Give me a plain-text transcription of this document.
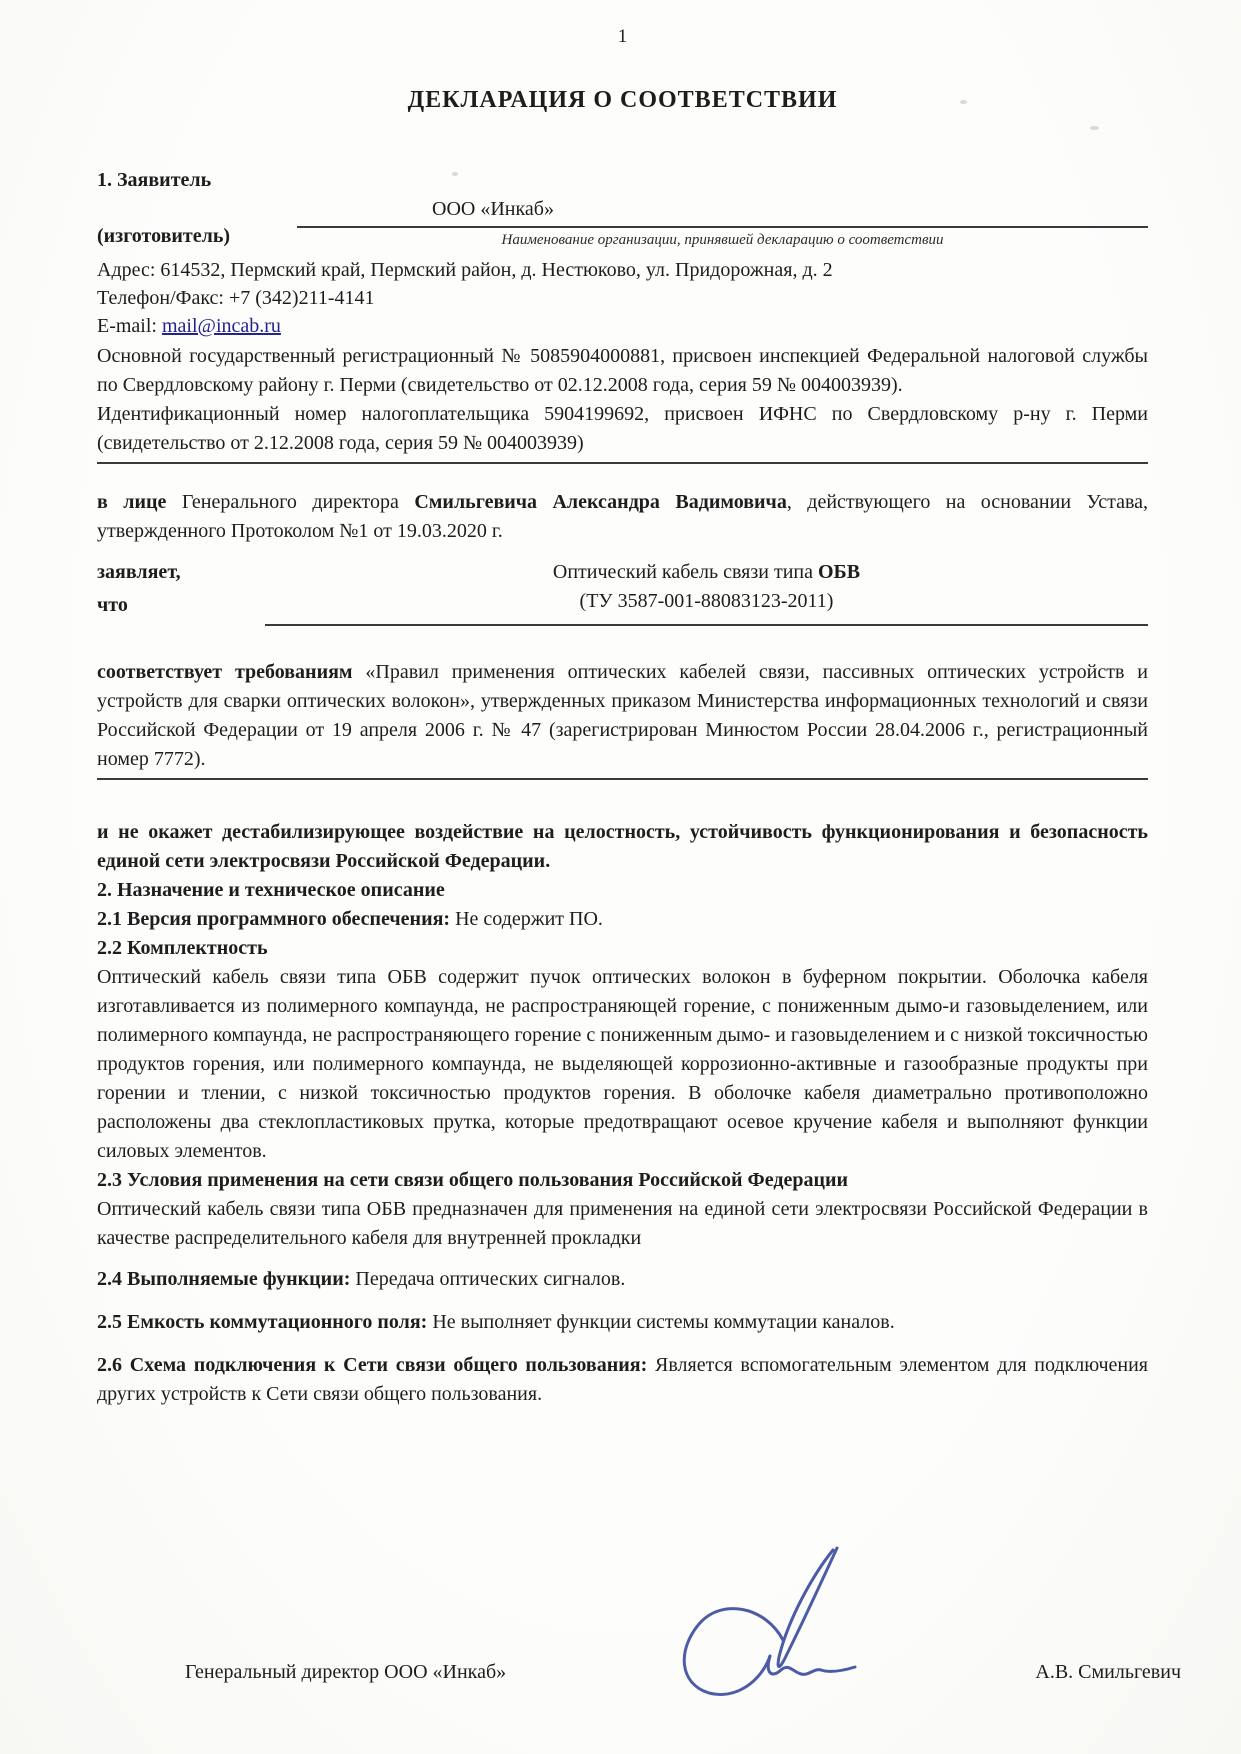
1
ДЕКЛАРАЦИЯ О СООТВЕТСТВИИ
1. Заявитель
(изготовитель)
ООО «Инкаб»
Наименование организации, принявшей декларацию о соответствии
Адрес: 614532, Пермский край, Пермский район, д. Нестюково, ул. Придорожная, д. 2
Телефон/Факс: +7 (342)211-4141
E-mail: mail@incab.ru

Основной государственный регистрационный № 5085904000881, присвоен инспекцией Федеральной налоговой службы по Свердловскому району г. Перми (свидетельство от 02.12.2008 года, серия 59 № 004003939).

Идентификационный номер налогоплательщика 5904199692, присвоен ИФНС по Свердловскому р-ну г. Перми (свидетельство от 2.12.2008 года, серия 59 № 004003939)

в лице Генерального директора Смильгевича Александра Вадимовича, действующего на основании Устава, утвержденного Протоколом №1 от 19.03.2020 г.

заявляет,
что
Оптический кабель связи типа ОБВ
(ТУ 3587-001-88083123-2011)

соответствует требованиям «Правил применения оптических кабелей связи, пассивных оптических устройств и устройств для сварки оптических волокон», утвержденных приказом Министерства информационных технологий и связи Российской Федерации от 19 апреля 2006 г. № 47 (зарегистрирован Минюстом России 28.04.2006 г., регистрационный номер 7772).

и не окажет дестабилизирующее воздействие на целостность, устойчивость функционирования и безопасность единой сети электросвязи Российской Федерации.

2. Назначение и техническое описание

2.1 Версия программного обеспечения: Не содержит ПО.

2.2 Комплектность

Оптический кабель связи типа ОБВ содержит пучок оптических волокон в буферном покрытии. Оболочка кабеля изготавливается из полимерного компаунда, не распространяющей горение, с пониженным дымо-и газовыделением, или полимерного компаунда, не распространяющего горение с пониженным дымо- и газовыделением и с низкой токсичностью продуктов горения, или полимерного компаунда, не выделяющей коррозионно-активные и газообразные продукты при горении и тлении, с низкой токсичностью продуктов горения. В оболочке кабеля диаметрально противоположно расположены два стеклопластиковых прутка, которые предотвращают осевое кручение кабеля и выполняют функции силовых элементов.

2.3 Условия применения на сети связи общего пользования Российской Федерации

Оптический кабель связи типа ОБВ предназначен для применения на единой сети электросвязи Российской Федерации в качестве распределительного кабеля для внутренней прокладки

2.4 Выполняемые функции: Передача оптических сигналов.

2.5 Емкость коммутационного поля: Не выполняет функции системы коммутации каналов.

2.6 Схема подключения к Сети связи общего пользования: Является вспомогательным элементом для подключения других устройств к Сети связи общего пользования.

Генеральный директор ООО «Инкаб»	А.В. Смильгевич
